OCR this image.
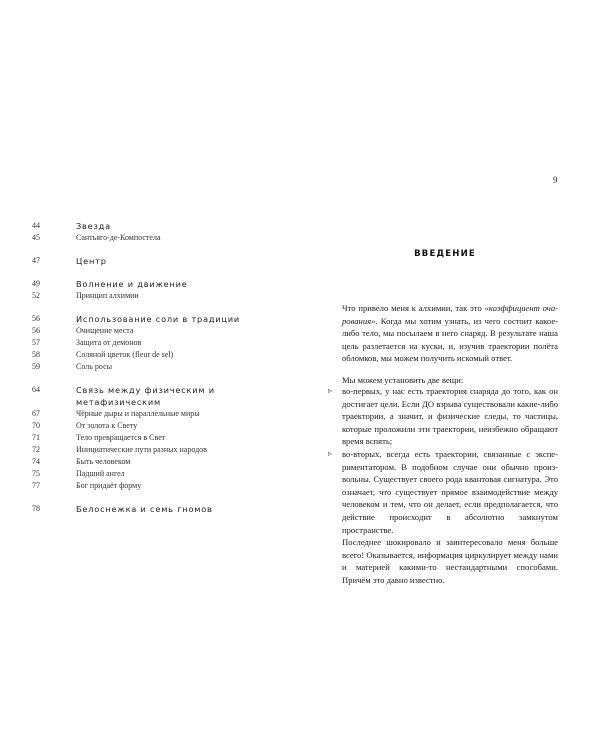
9
44	Звезда
45	Сантьяго-де-Компостела
47	Центр
49	Волнение и движение
52	Принцип алхимии
56	Использование соли в традиции
56	Очищение места
57	Защита от демонов
58	Соляной цветок (fleur de sel)
59	Соль росы
64	Связь между физическим и метафизическим
67	Чёрные дыры и параллельные миры
70	От золота к Свету
71	Тело превращается в Свет
72	Инициатические пути разных народов
74	Быть человеком
75	Падший ангел
77	Бог придаёт форму
78	Белоснежка и семь гномов
ВВЕДЕНИЕ
Что привело меня к алхимии, так это «коэффициент очарования». Когда мы хотим узнать, из чего состоит какое-либо тело, мы посылаем в него снаряд. В результате наша цель разлетается на куски, и, изучив траектории полёта обломков, мы можем получить искомый ответ.
Мы можем установить две вещи:
▹	во-первых, у нас есть траектория снаряда до того, как он достигает цели. Если ДО взрыва существовали какие-либо траектории, а значит, и физические следы, то частицы, которые проложили эти траектории, неизбежно обращают время вспять;
▹	во-вторых, всегда есть траектории, связанные с экспериментатором. В подобном случае они обычно произвольны. Существует своего рода квантовая сигнатура. Это означает, что существует прямое взаимодействие между человеком и тем, что он делает, если предполагается, что действие происходит в абсолютно замкнутом пространстве.
Последнее шокировало и заинтересовало меня больше всего! Оказывается, информация циркулирует между нами и материей какими-то нестандартными способами. Причём это давно известно.
